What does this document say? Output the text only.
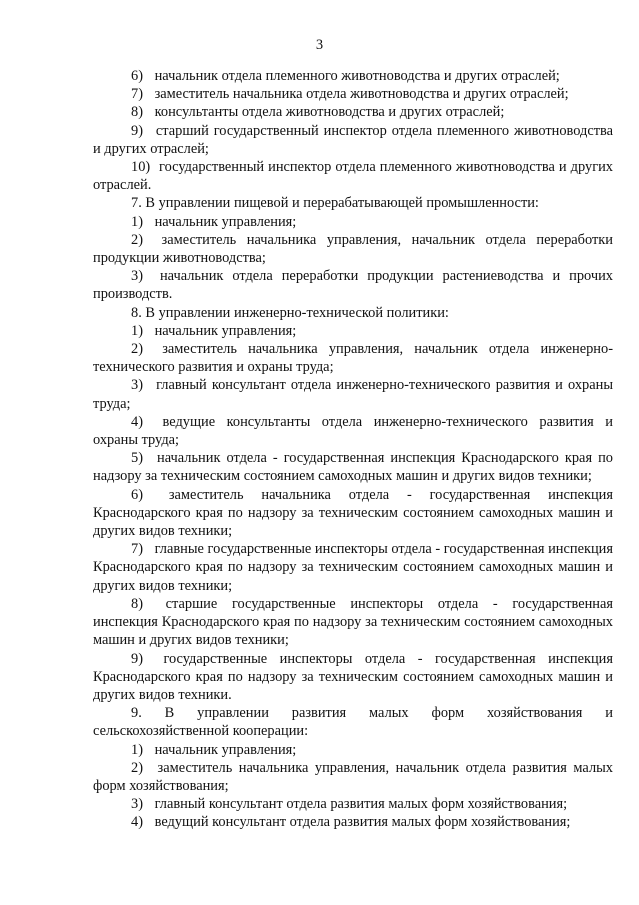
3

6) начальник отдела племенного животноводства и других отраслей;

7) заместитель начальника отдела животноводства и других отраслей;

8) консультанты отдела животноводства и других отраслей;

9) старший государственный инспектор отдела племенного животноводства и других отраслей;

10) государственный инспектор отдела племенного животноводства и других отраслей.

7. В управлении пищевой и перерабатывающей промышленности:

1) начальник управления;

2) заместитель начальника управления, начальник отдела переработки продукции животноводства;

3) начальник отдела переработки продукции растениеводства и прочих производств.

8. В управлении инженерно-технической политики:

1) начальник управления;

2) заместитель начальника управления, начальник отдела инженерно-технического развития и охраны труда;

3) главный консультант отдела инженерно-технического развития и охраны труда;

4) ведущие консультанты отдела инженерно-технического развития и охраны труда;

5) начальник отдела - государственная инспекция Краснодарского края по надзору за техническим состоянием самоходных машин и других видов техники;

6) заместитель начальника отдела - государственная инспекция Краснодарского края по надзору за техническим состоянием самоходных машин и других видов техники;

7) главные государственные инспекторы отдела - государственная инспекция Краснодарского края по надзору за техническим состоянием самоходных машин и других видов техники;

8) старшие государственные инспекторы отдела - государственная инспекция Краснодарского края по надзору за техническим состоянием самоходных машин и других видов техники;

9) государственные инспекторы отдела - государственная инспекция Краснодарского края по надзору за техническим состоянием самоходных машин и других видов техники.

9. В управлении развития малых форм хозяйствования и сельскохозяйственной кооперации:

1) начальник управления;

2) заместитель начальника управления, начальник отдела развития малых форм хозяйствования;

3) главный консультант отдела развития малых форм хозяйствования;

4) ведущий консультант отдела развития малых форм хозяйствования;
